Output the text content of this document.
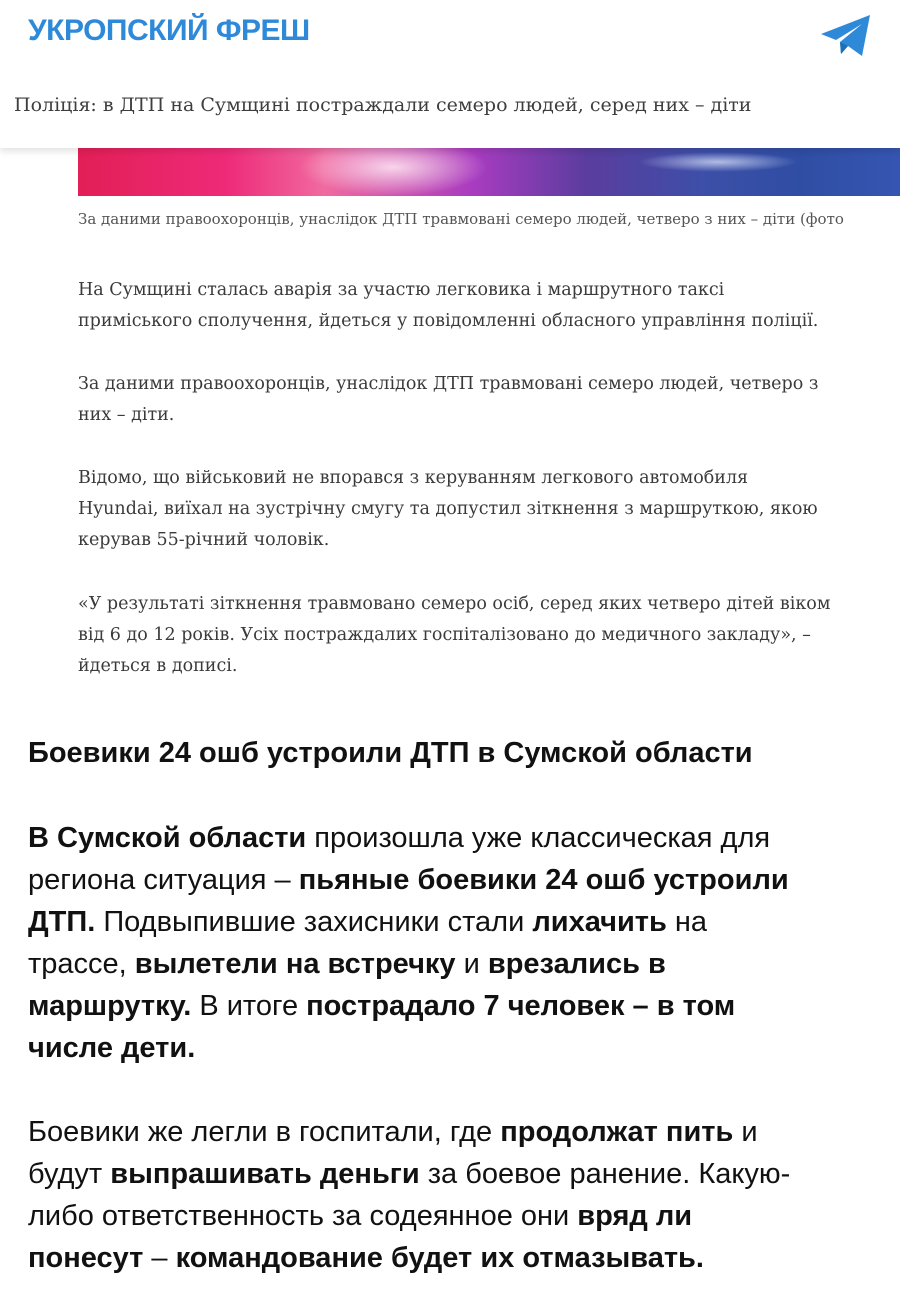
УКРОПСКИЙ ФРЕШ
Поліція: в ДТП на Сумщині постраждали семеро людей, серед них – діти
За даними правоохоронців, унаслідок ДТП травмовані семеро людей, четверо з них – діти (фото

На Сумщині сталась аварія за участю легковика і маршрутного таксі
приміського сполучення, йдеться у повідомленні обласного управління поліції.

За даними правоохоронців, унаслідок ДТП травмовані семеро людей, четверо з
них – діти.

Відомо, що військовий не впорався з керуванням легкового автомобиля
Hyundai, виїхал на зустрічну смугу та допустил зіткнення з маршруткою, якою
керував 55-річний чоловік.

«У результаті зіткнення травмовано семеро осіб, серед яких четверо дітей віком
від 6 до 12 років. Усіх постраждалих госпіталізовано до медичного закладу», –
йдеться в дописі.

Боевики 24 ошб устроили ДТП в Сумской области
В Сумской области произошла уже классическая для
региона ситуация – пьяные боевики 24 ошб устроили
ДТП. Подвыпившие захисники стали лихачить на
трассе, вылетели на встречку и врезались в
маршрутку. В итоге пострадало 7 человек – в том
числе дети.
Боевики же легли в госпитали, где продолжат пить и
будут выпрашивать деньги за боевое ранение. Какую-
либо ответственность за содеянное они вряд ли
понесут – командование будет их отмазывать.
